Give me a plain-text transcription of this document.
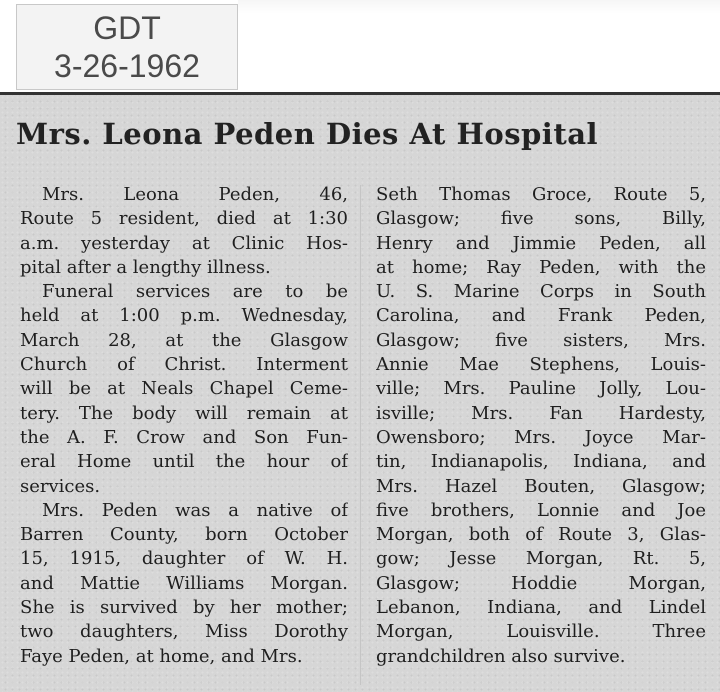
GDT
3-26-1962
Mrs. Leona Peden Dies At Hospital
Mrs. Leona Peden, 46,
Route 5 resident, died at 1:30
a.m. yesterday at Clinic Hos-
pital after a lengthy illness.
Funeral services are to be
held at 1:00 p.m. Wednesday,
March 28, at the Glasgow
Church of Christ. Interment
will be at Neals Chapel Ceme-
tery. The body will remain at
the A. F. Crow and Son Fun-
eral Home until the hour of
services.
Mrs. Peden was a native of
Barren County, born October
15, 1915, daughter of W. H.
and Mattie Williams Morgan.
She is survived by her mother;
two daughters, Miss Dorothy
Faye Peden, at home, and Mrs.
Seth Thomas Groce, Route 5,
Glasgow; five sons, Billy,
Henry and Jimmie Peden, all
at home; Ray Peden, with the
U. S. Marine Corps in South
Carolina, and Frank Peden,
Glasgow; five sisters, Mrs.
Annie Mae Stephens, Louis-
ville; Mrs. Pauline Jolly, Lou-
isville; Mrs. Fan Hardesty,
Owensboro; Mrs. Joyce Mar-
tin, Indianapolis, Indiana, and
Mrs. Hazel Bouten, Glasgow;
five brothers, Lonnie and Joe
Morgan, both of Route 3, Glas-
gow; Jesse Morgan, Rt. 5,
Glasgow; Hoddie Morgan,
Lebanon, Indiana, and Lindel
Morgan, Louisville. Three
grandchildren also survive.
